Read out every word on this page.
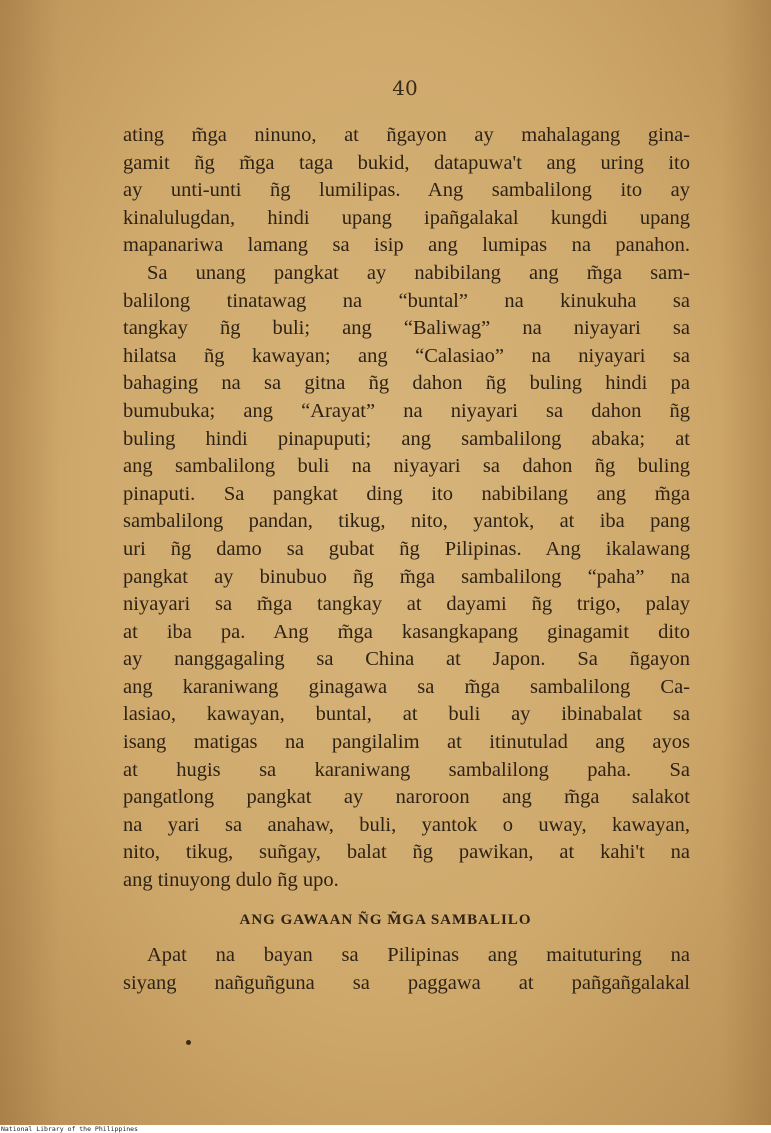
40
ating m̃ga ninuno, at ñgayon ay mahalagang gina-
gamit ñg m̃ga taga bukid, datapuwa't ang uring ito
ay unti-unti ñg lumilipas. Ang sambalilong ito ay
kinalulugdan, hindi upang ipañgalakal kungdi upang
mapanariwa lamang sa isip ang lumipas na panahon.
Sa unang pangkat ay nabibilang ang m̃ga sam-
balilong tinatawag na “buntal” na kinukuha sa
tangkay ñg buli; ang “Baliwag” na niyayari sa
hilatsa ñg kawayan; ang “Calasiao” na niyayari sa
bahaging na sa gitna ñg dahon ñg buling hindi pa
bumubuka; ang “Arayat” na niyayari sa dahon ñg
buling hindi pinapuputi; ang sambalilong abaka; at
ang sambalilong buli na niyayari sa dahon ñg buling
pinaputi. Sa pangkat ding ito nabibilang ang m̃ga
sambalilong pandan, tikug, nito, yantok, at iba pang
uri ñg damo sa gubat ñg Pilipinas. Ang ikalawang
pangkat ay binubuo ñg m̃ga sambalilong “paha” na
niyayari sa m̃ga tangkay at dayami ñg trigo, palay
at iba pa. Ang m̃ga kasangkapang ginagamit dito
ay nanggagaling sa China at Japon. Sa ñgayon
ang karaniwang ginagawa sa m̃ga sambalilong Ca-
lasiao, kawayan, buntal, at buli ay ibinabalat sa
isang matigas na pangilalim at itinutulad ang ayos
at hugis sa karaniwang sambalilong paha. Sa
pangatlong pangkat ay naroroon ang m̃ga salakot
na yari sa anahaw, buli, yantok o uway, kawayan,
nito, tikug, suñgay, balat ñg pawikan, at kahi't na
ang tinuyong dulo ñg upo.
ANG GAWAAN ÑG M̃GA SAMBALILO
Apat na bayan sa Pilipinas ang maituturing na
siyang nañguñguna sa paggawa at pañgañgalakal
National Library of the Philippines
